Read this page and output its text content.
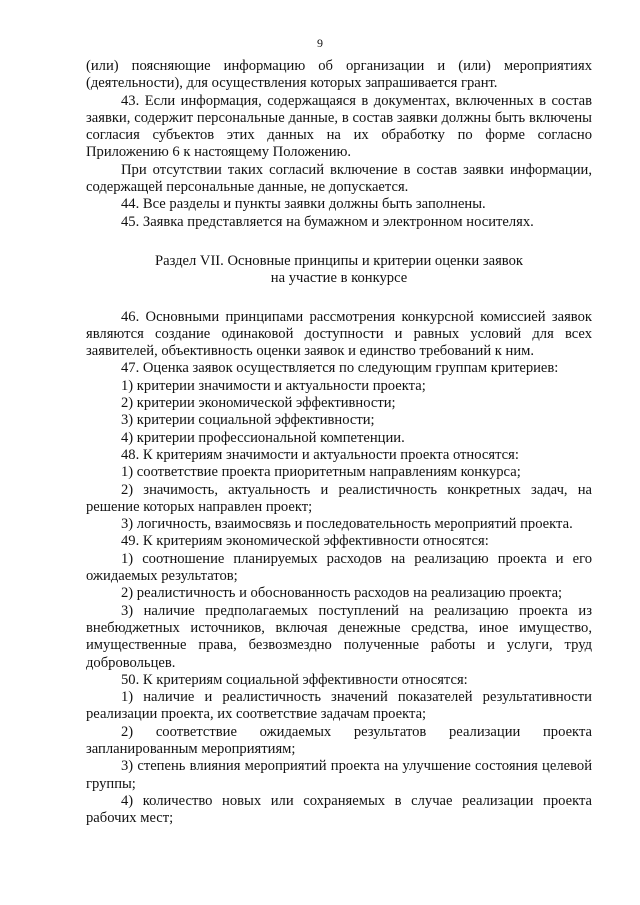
9

(или) поясняющие информацию об организации и (или) мероприятиях (деятельности), для осуществления которых запрашивается грант.

43. Если информация, содержащаяся в документах, включенных в состав заявки, содержит персональные данные, в состав заявки должны быть включены согласия субъектов этих данных на их обработку по форме согласно Приложению 6 к настоящему Положению.

При отсутствии таких согласий включение в состав заявки информации, содержащей персональные данные, не допускается.

44. Все разделы и пункты заявки должны быть заполнены.

45. Заявка представляется на бумажном и электронном носителях.

Раздел VII. Основные принципы и критерии оценки заявок
на участие в конкурсе

46. Основными принципами рассмотрения конкурсной комиссией заявок являются создание одинаковой доступности и равных условий для всех заявителей, объективность оценки заявок и единство требований к ним.

47. Оценка заявок осуществляется по следующим группам критериев:

1) критерии значимости и актуальности проекта;

2) критерии экономической эффективности;

3) критерии социальной эффективности;

4) критерии профессиональной компетенции.

48. К критериям значимости и актуальности проекта относятся:

1) соответствие проекта приоритетным направлениям конкурса;

2) значимость, актуальность и реалистичность конкретных задач, на решение которых направлен проект;

3) логичность, взаимосвязь и последовательность мероприятий проекта.

49. К критериям экономической эффективности относятся:

1) соотношение планируемых расходов на реализацию проекта и его ожидаемых результатов;

2) реалистичность и обоснованность расходов на реализацию проекта;

3) наличие предполагаемых поступлений на реализацию проекта из внебюджетных источников, включая денежные средства, иное имущество, имущественные права, безвозмездно полученные работы и услуги, труд добровольцев.

50. К критериям социальной эффективности относятся:

1) наличие и реалистичность значений показателей результативности реализации проекта, их соответствие задачам проекта;

2) соответствие ожидаемых результатов реализации проекта запланированным мероприятиям;

3) степень влияния мероприятий проекта на улучшение состояния целевой группы;

4) количество новых или сохраняемых в случае реализации проекта рабочих мест;
